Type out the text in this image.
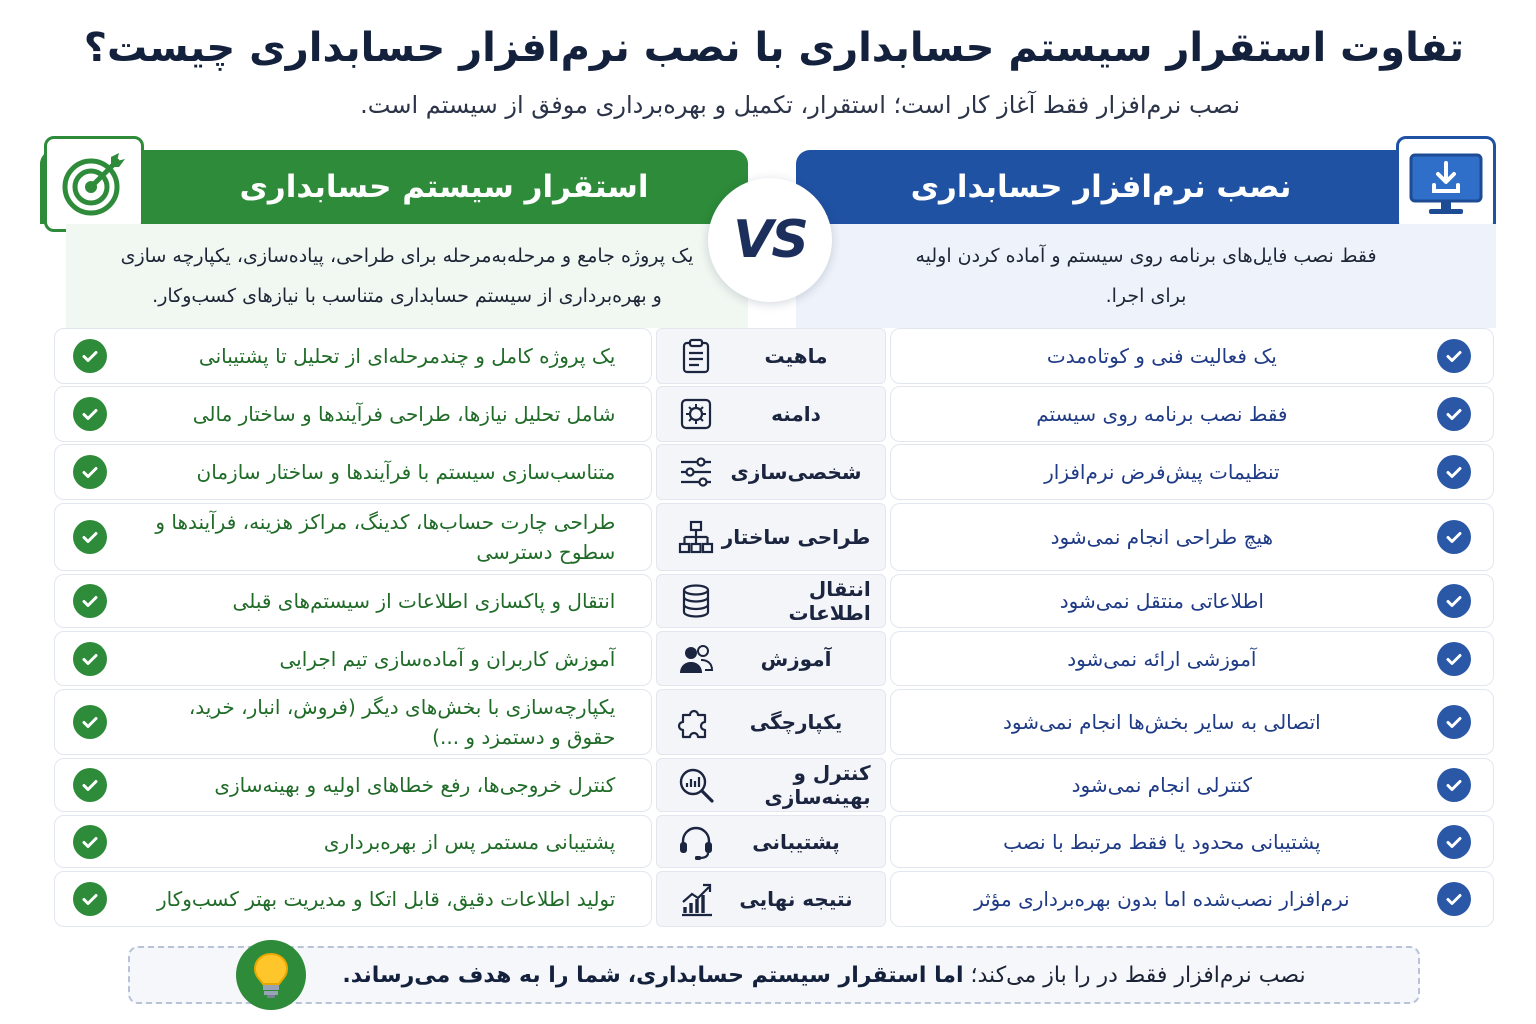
تفاوت استقرار سیستم حسابداری با نصب نرم‌افزار حسابداری چیست؟
نصب نرم‌افزار فقط آغاز کار است؛ استقرار، تکمیل و بهره‌برداری موفق از سیستم است.
نصب نرم‌افزار حسابداری
فقط نصب فایل‌های برنامه روی سیستم و آماده کردن اولیه برای اجرا.
استقرار سیستم حسابداری
یک پروژه جامع و مرحله‌به‌مرحله برای طراحی، پیاده‌سازی، یکپارچه سازی و بهره‌برداری از سیستم حسابداری متناسب با نیازهای کسب‌وکار.
VS
یک فعالیت فنی و کوتاه‌مدت
ماهیت
یک پروژه کامل و چندمرحله‌ای از تحلیل تا پشتیبانی
فقط نصب برنامه روی سیستم
دامنه
شامل تحلیل نیازها، طراحی فرآیندها و ساختار مالی
تنظیمات پیش‌فرض نرم‌افزار
شخصی‌سازی
متناسب‌سازی سیستم با فرآیندها و ساختار سازمان
هیچ طراحی انجام نمی‌شود
طراحی ساختار
طراحی چارت حساب‌ها، کدینگ، مراکز هزینه، فرآیندها و سطوح دسترسی
اطلاعاتی منتقل نمی‌شود
انتقال اطلاعات
انتقال و پاکسازی اطلاعات از سیستم‌های قبلی
آموزشی ارائه نمی‌شود
آموزش
آموزش کاربران و آماده‌سازی تیم اجرایی
اتصالی به سایر بخش‌ها انجام نمی‌شود
یکپارچگی
یکپارچه‌سازی با بخش‌های دیگر (فروش، انبار، خرید، حقوق و دستمزد و ...)
کنترلی انجام نمی‌شود
کنترل و بهینه‌سازی
کنترل خروجی‌ها، رفع خطاهای اولیه و بهینه‌سازی
پشتیبانی محدود یا فقط مرتبط با نصب
پشتیبانی
پشتیبانی مستمر پس از بهره‌برداری
نرم‌افزار نصب‌شده اما بدون بهره‌برداری مؤثر
نتیجه نهایی
تولید اطلاعات دقیق، قابل اتکا و مدیریت بهتر کسب‌وکار
نصب نرم‌افزار فقط در را باز می‌کند؛ اما استقرار سیستم حسابداری، شما را به هدف می‌رساند.
